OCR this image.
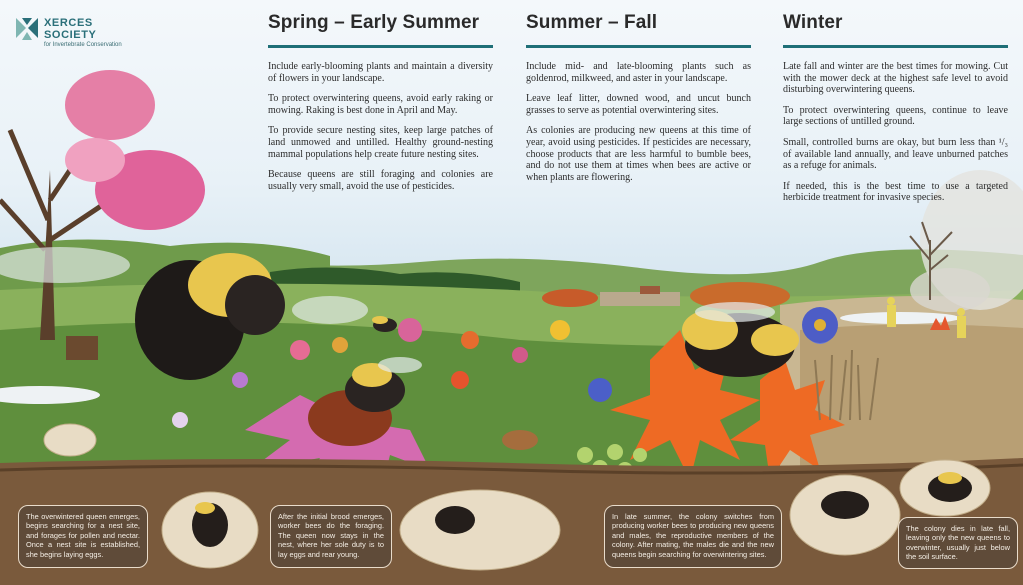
XERCES
SOCIETY
for Invertebrate Conservation
Spring – Early Summer

Include early-blooming plants and maintain a diversity of flowers in your landscape.

To protect overwintering queens, avoid early raking or mowing. Raking is best done in April and May.

To provide secure nesting sites, keep large patches of land unmowed and untilled. Healthy ground-nesting mammal populations help create future nesting sites.

Because queens are still foraging and colonies are usually very small, avoid the use of pesticides.

Summer – Fall

Include mid- and late-blooming plants such as goldenrod, milkweed, and aster in your landscape.

Leave leaf litter, downed wood, and uncut bunch grasses to serve as potential overwintering sites.

As colonies are producing new queens at this time of year, avoid using pesticides. If pesticides are necessary, choose products that are less harmful to bumble bees, and do not use them at times when bees are active or when plants are flowering.

Winter

Late fall and winter are the best times for mowing. Cut with the mower deck at the highest safe level to avoid disturbing overwintering queens.

To protect overwintering queens, continue to leave large sections of untilled ground.

Small, controlled burns are okay, but burn less than ¹/₃ of available land annually, and leave unburned patches as a refuge for animals.

If needed, this is the best time to use a targeted herbicide treatment for invasive species.

The overwintered queen emerges, begins searching for a nest site, and forages for pollen and nectar. Once a nest site is established, she begins laying eggs.
After the initial brood emerges, worker bees do the foraging. The queen now stays in the nest, where her sole duty is to lay eggs and rear young.
In late summer, the colony switches from producing worker bees to producing new queens and males, the reproductive members of the colony. After mating, the males die and the new queens begin searching for overwintering sites.
The colony dies in late fall, leaving only the new queens to overwinter, usually just below the soil surface.
